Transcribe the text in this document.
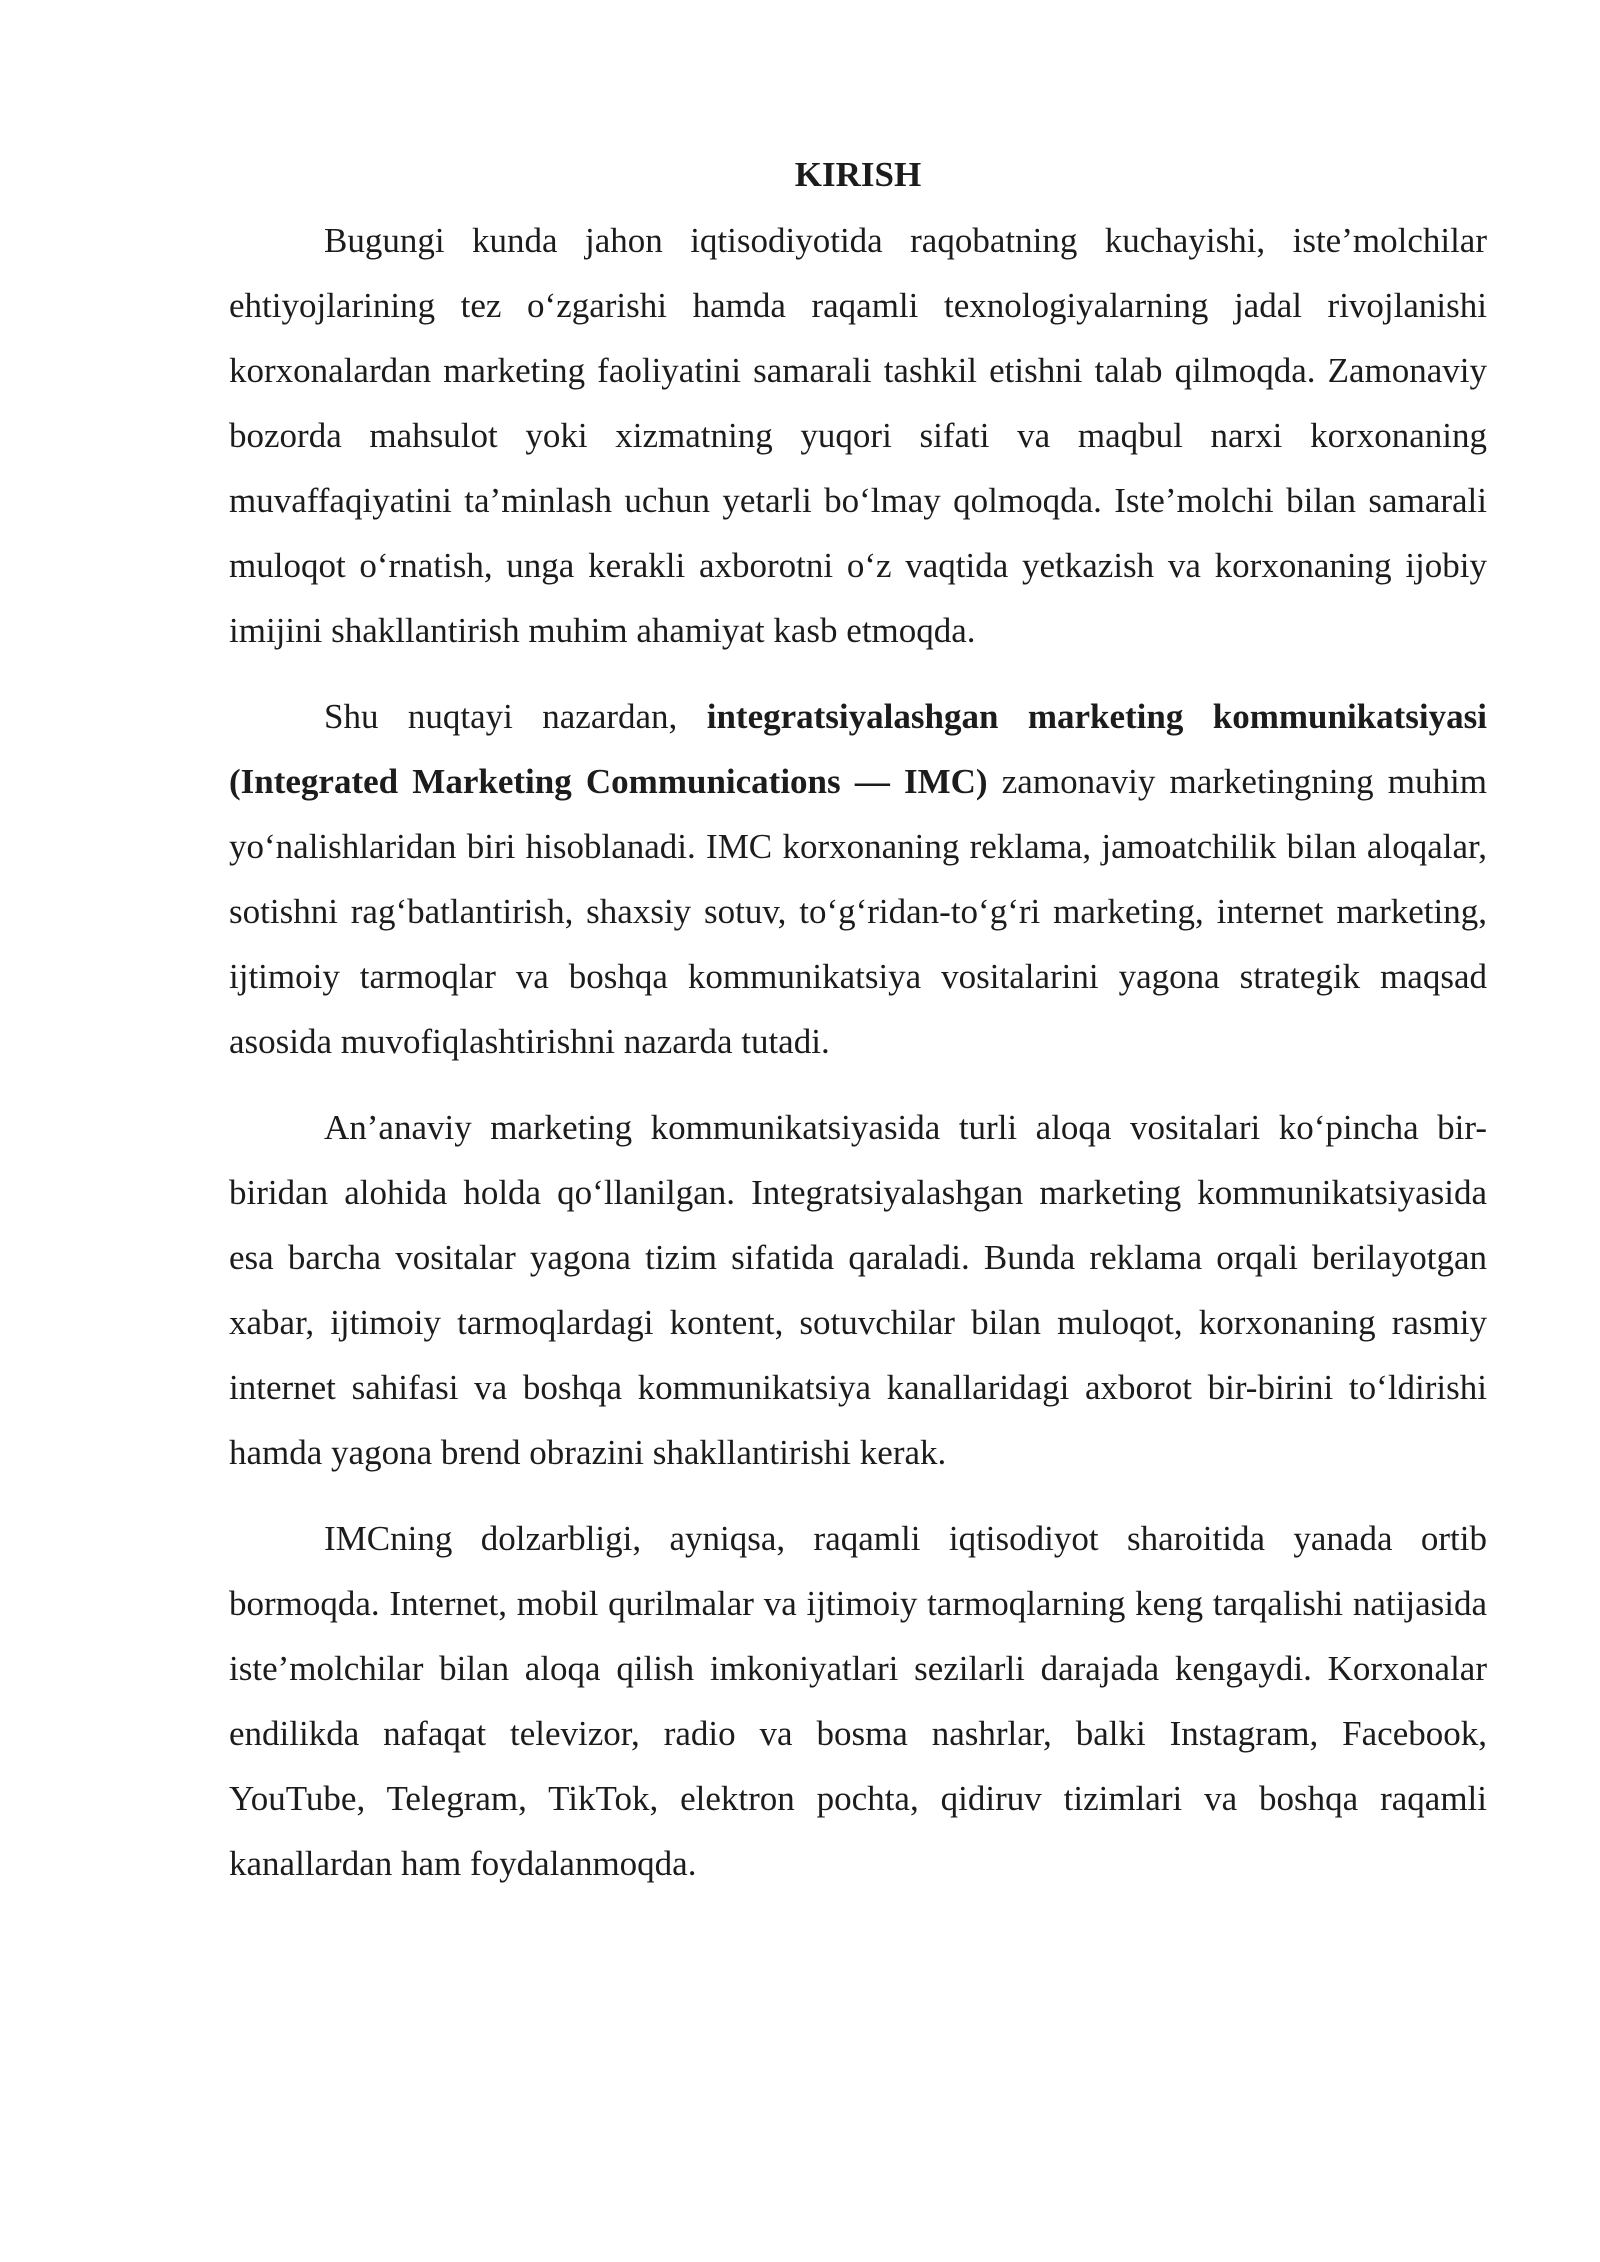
KIRISH

Bugungi kunda jahon iqtisodiyotida raqobatning kuchayishi, iste’molchilar ehtiyojlarining tez o‘zgarishi hamda raqamli texnologiyalarning jadal rivojlanishi korxonalardan marketing faoliyatini samarali tashkil etishni talab qilmoqda. Zamonaviy bozorda mahsulot yoki xizmatning yuqori sifati va maqbul narxi korxonaning muvaffaqiyatini ta’minlash uchun yetarli bo‘lmay qolmoqda. Iste’molchi bilan samarali muloqot o‘rnatish, unga kerakli axborotni o‘z vaqtida yetkazish va korxonaning ijobiy imijini shakllantirish muhim ahamiyat kasb etmoqda.

Shu nuqtayi nazardan, integratsiyalashgan marketing kommunikatsiyasi (Integrated Marketing Communications — IMC) zamonaviy marketingning muhim yo‘nalishlaridan biri hisoblanadi. IMC korxonaning reklama, jamoatchilik bilan aloqalar, sotishni rag‘batlantirish, shaxsiy sotuv, to‘g‘ridan-to‘g‘ri marketing, internet marketing, ijtimoiy tarmoqlar va boshqa kommunikatsiya vositalarini yagona strategik maqsad asosida muvofiqlashtirishni nazarda tutadi.

An’anaviy marketing kommunikatsiyasida turli aloqa vositalari ko‘pincha bir-biridan alohida holda qo‘llanilgan. Integratsiyalashgan marketing kommunikatsiyasida esa barcha vositalar yagona tizim sifatida qaraladi. Bunda reklama orqali berilayotgan xabar, ijtimoiy tarmoqlardagi kontent, sotuvchilar bilan muloqot, korxonaning rasmiy internet sahifasi va boshqa kommunikatsiya kanallaridagi axborot bir-birini to‘ldirishi hamda yagona brend obrazini shakllantirishi kerak.

IMCning dolzarbligi, ayniqsa, raqamli iqtisodiyot sharoitida yanada ortib bormoqda. Internet, mobil qurilmalar va ijtimoiy tarmoqlarning keng tarqalishi natijasida iste’molchilar bilan aloqa qilish imkoniyatlari sezilarli darajada kengaydi. Korxonalar endilikda nafaqat televizor, radio va bosma nashrlar, balki Instagram, Facebook, YouTube, Telegram, TikTok, elektron pochta, qidiruv tizimlari va boshqa raqamli kanallardan ham foydalanmoqda.
